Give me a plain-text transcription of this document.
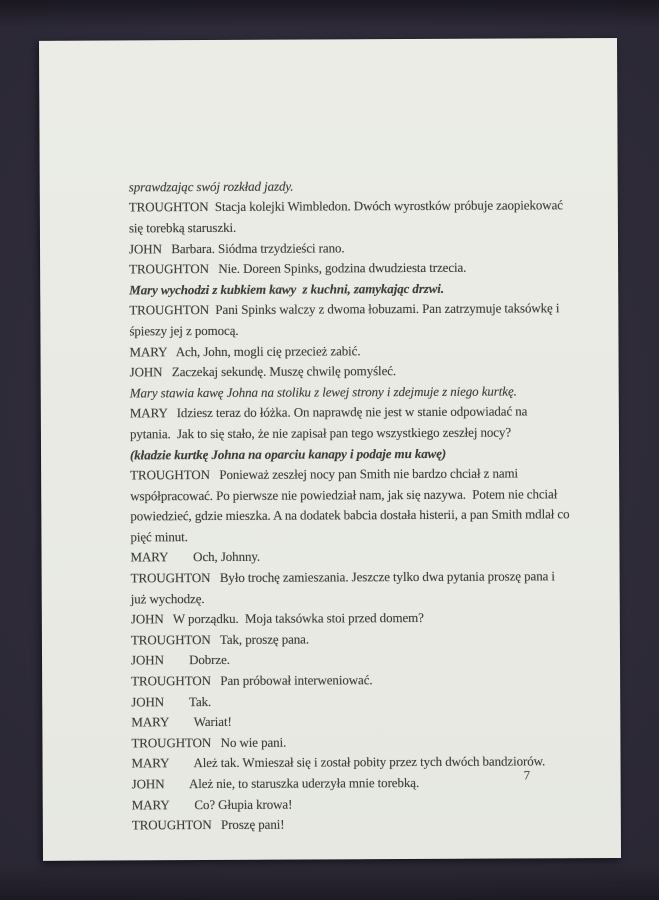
sprawdzając swój rozkład jazdy.
TROUGHTON  Stacja kolejki Wimbledon. Dwóch wyrostków próbuje zaopiekować
się torebką staruszki.
JOHN   Barbara. Siódma trzydzieści rano.
TROUGHTON   Nie. Doreen Spinks, godzina dwudziesta trzecia.
Mary wychodzi z kubkiem kawy  z kuchni, zamykając drzwi.
TROUGHTON  Pani Spinks walczy z dwoma łobuzami. Pan zatrzymuje taksówkę i
śpieszy jej z pomocą.
MARY   Ach, John, mogli cię przecież zabić.
JOHN   Zaczekaj sekundę. Muszę chwilę pomyśleć.
Mary stawia kawę Johna na stoliku z lewej strony i zdejmuje z niego kurtkę.
MARY   Idziesz teraz do łóżka. On naprawdę nie jest w stanie odpowiadać na
pytania.  Jak to się stało, że nie zapisał pan tego wszystkiego zeszłej nocy?
(kładzie kurtkę Johna na oparciu kanapy i podaje mu kawę)
TROUGHTON   Ponieważ zeszłej nocy pan Smith nie bardzo chciał z nami
współpracować. Po pierwsze nie powiedział nam, jak się nazywa.  Potem nie chciał
powiedzieć, gdzie mieszka. A na dodatek babcia dostała histerii, a pan Smith mdlał co
pięć minut.
MARY        Och, Johnny.
TROUGHTON   Było trochę zamieszania. Jeszcze tylko dwa pytania proszę pana i
już wychodzę.
JOHN   W porządku.  Moja taksówka stoi przed domem?
TROUGHTON   Tak, proszę pana.
JOHN        Dobrze.
TROUGHTON   Pan próbował interweniować.
JOHN        Tak.
MARY        Wariat!
TROUGHTON   No wie pani.
MARY        Ależ tak. Wmieszał się i został pobity przez tych dwóch bandziorów.
JOHN        Ależ nie, to staruszka uderzyła mnie torebką.
MARY        Co? Głupia krowa!
TROUGHTON   Proszę pani!
7
